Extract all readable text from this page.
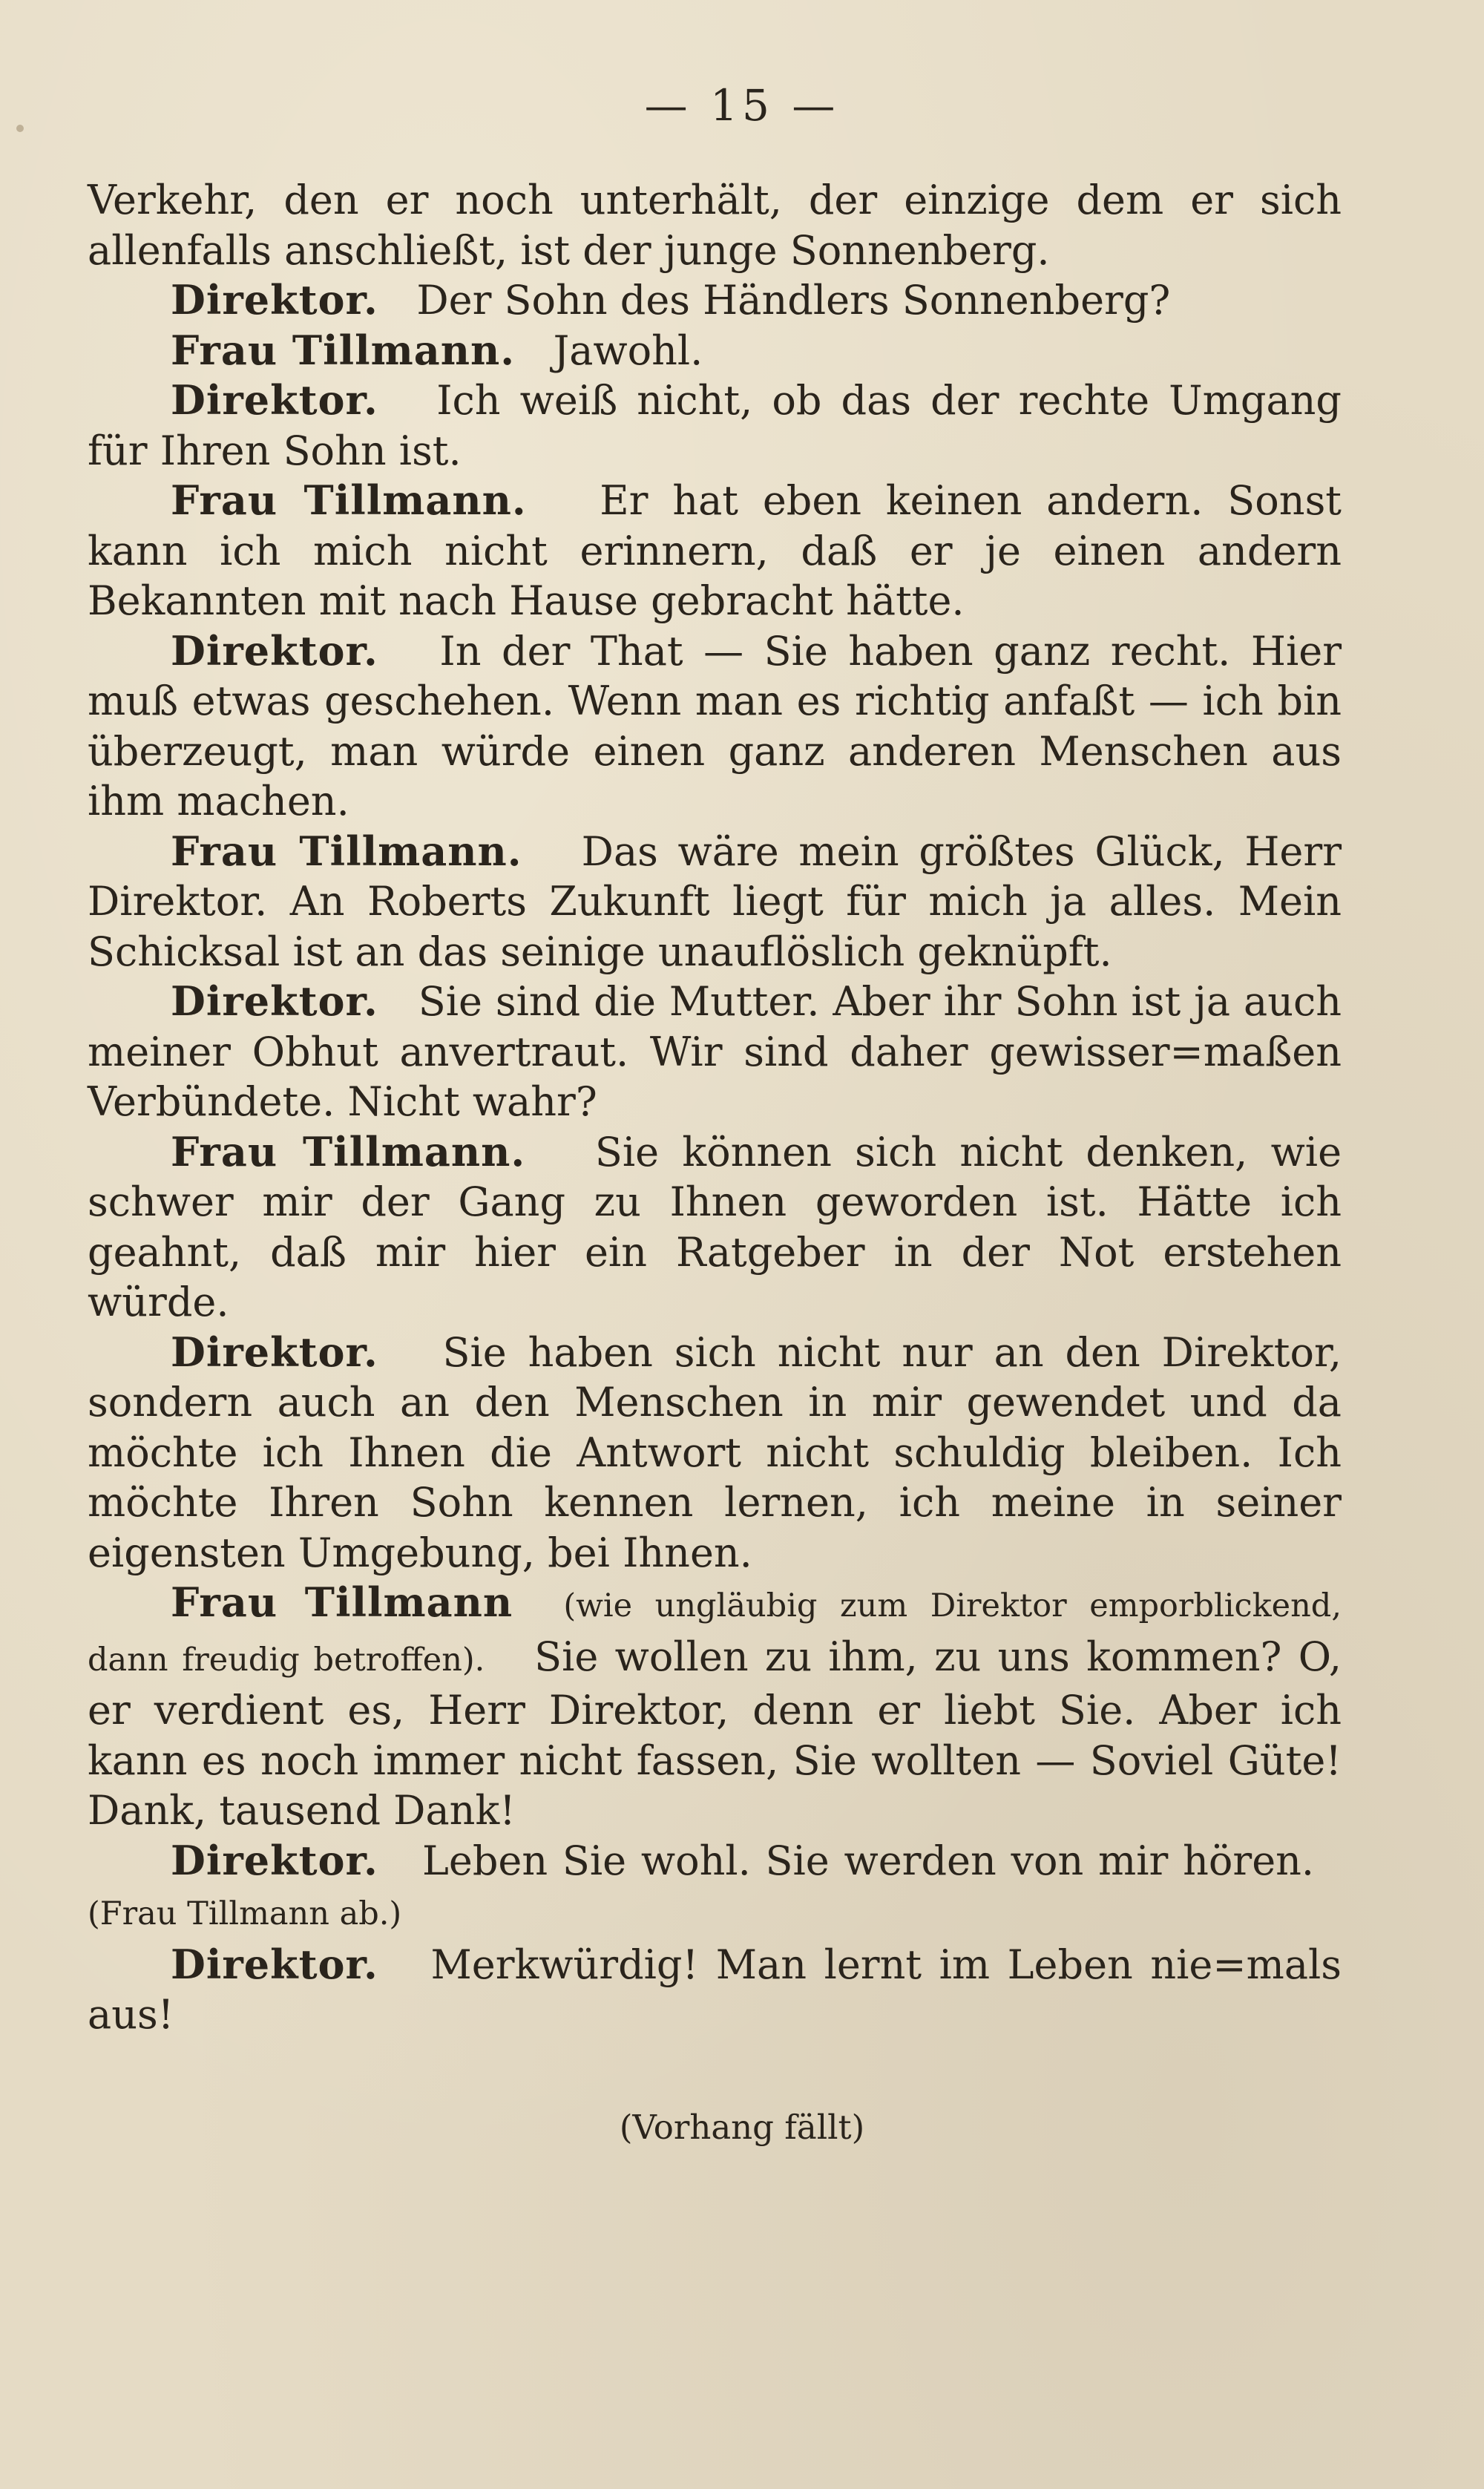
— 15 —

Verkehr, den er noch unterhält, der einzige dem er sich allenfalls anschließt, ist der junge Sonnenberg.

Direktor. Der Sohn des Händlers Sonnenberg?

Frau Tillmann. Jawohl.

Direktor. Ich weiß nicht, ob das der rechte Umgang für Ihren Sohn ist.

Frau Tillmann. Er hat eben keinen andern. Sonst kann ich mich nicht erinnern, daß er je einen andern Bekannten mit nach Hause gebracht hätte.

Direktor. In der That — Sie haben ganz recht. Hier muß etwas geschehen. Wenn man es richtig anfaßt — ich bin überzeugt, man würde einen ganz anderen Menschen aus ihm machen.

Frau Tillmann. Das wäre mein größtes Glück, Herr Direktor. An Roberts Zukunft liegt für mich ja alles. Mein Schicksal ist an das seinige unauflöslich geknüpft.

Direktor. Sie sind die Mutter. Aber ihr Sohn ist ja auch meiner Obhut anvertraut. Wir sind daher gewisser=maßen Verbündete. Nicht wahr?

Frau Tillmann. Sie können sich nicht denken, wie schwer mir der Gang zu Ihnen geworden ist. Hätte ich geahnt, daß mir hier ein Ratgeber in der Not erstehen würde.

Direktor. Sie haben sich nicht nur an den Direktor, sondern auch an den Menschen in mir gewendet und da möchte ich Ihnen die Antwort nicht schuldig bleiben. Ich möchte Ihren Sohn kennen lernen, ich meine in seiner eigensten Umgebung, bei Ihnen.

Frau Tillmann (wie ungläubig zum Direktor emporblickend, dann freudig betroffen). Sie wollen zu ihm, zu uns kommen? O, er verdient es, Herr Direktor, denn er liebt Sie. Aber ich kann es noch immer nicht fassen, Sie wollten — Soviel Güte! Dank, tausend Dank!

Direktor. Leben Sie wohl. Sie werden von mir hören.   (Frau Tillmann ab.)

Direktor. Merkwürdig! Man lernt im Leben nie=mals aus!

(Vorhang fällt)
